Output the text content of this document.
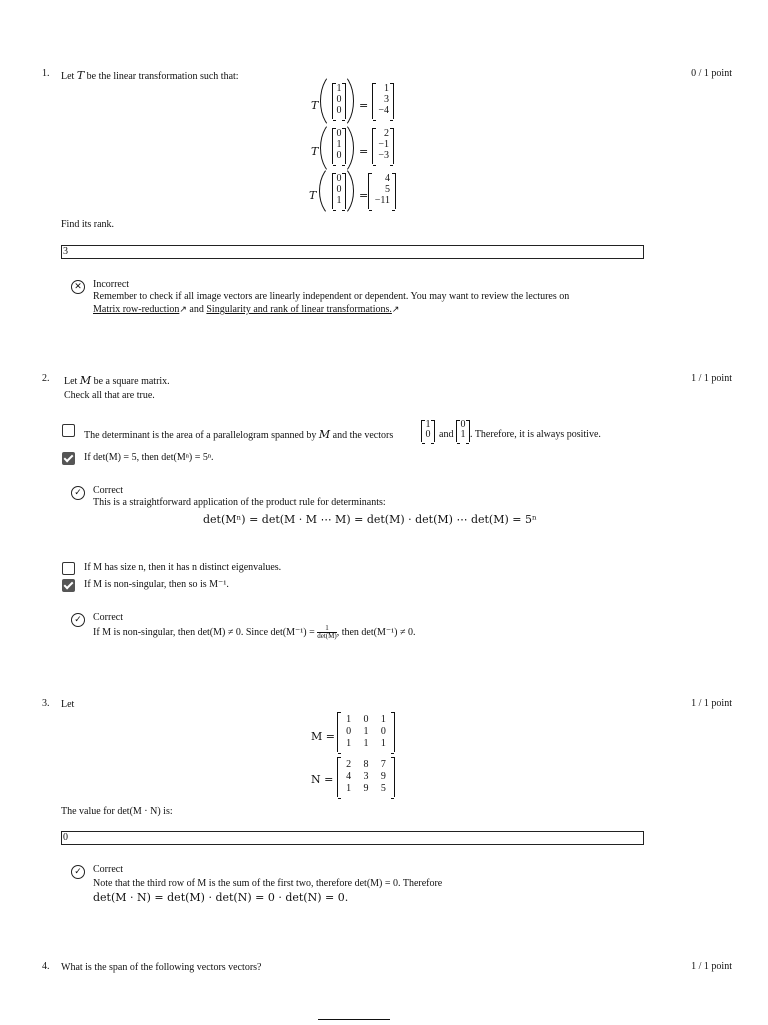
1. Let T be the linear transformation such that:	0 / 1 point
T
1
0
0	=
1
3
−4
T
0
1
0	=
2
−1
−3
T
0
0
1	=
4
5
−11
Find its rank.
3
✕	Incorrect
Remember to check if all image vectors are linearly independent or dependent. You may want to review the lectures on
Matrix row-reduction↗ and Singularity and rank of linear transformations.↗
2. Let M be a square matrix.
Check all that are true.
1 / 1 point
The determinant is the area of a parallelogram spanned by M and the vectors
1
0 and
0
1 . Therefore, it is always positive.
If det(M) = 5, then det(Mⁿ) = 5ⁿ.
✓	Correct
This is a straightforward application of the product rule for determinants:
det(Mⁿ) = det(M · M ⋯ M) = det(M) · det(M) ⋯ det(M) = 5ⁿ
If M has size n, then it has n distinct eigenvalues.
If M is non-singular, then so is M⁻¹.
✓	Correct
If M is non-singular, then det(M) ≠ 0. Since $\det(M^{-1}) = \frac{1}{\det(M)}$ , then det(M⁻¹) ≠ 0.
3. Let	1 / 1 point
M =
1	0	1
0	1	0
1	1	1
N =
2	8	7
4	3	9
1	9	5
The value for det(M · N) is:
0
✓	Correct
Note that the third row of M is the sum of the first two, therefore det(M) = 0. Therefore
det(M · N) = det(M) · det(N) = 0 · det(N) = 0.
4. What is the span of the following vectors vectors?	1 / 1 point
